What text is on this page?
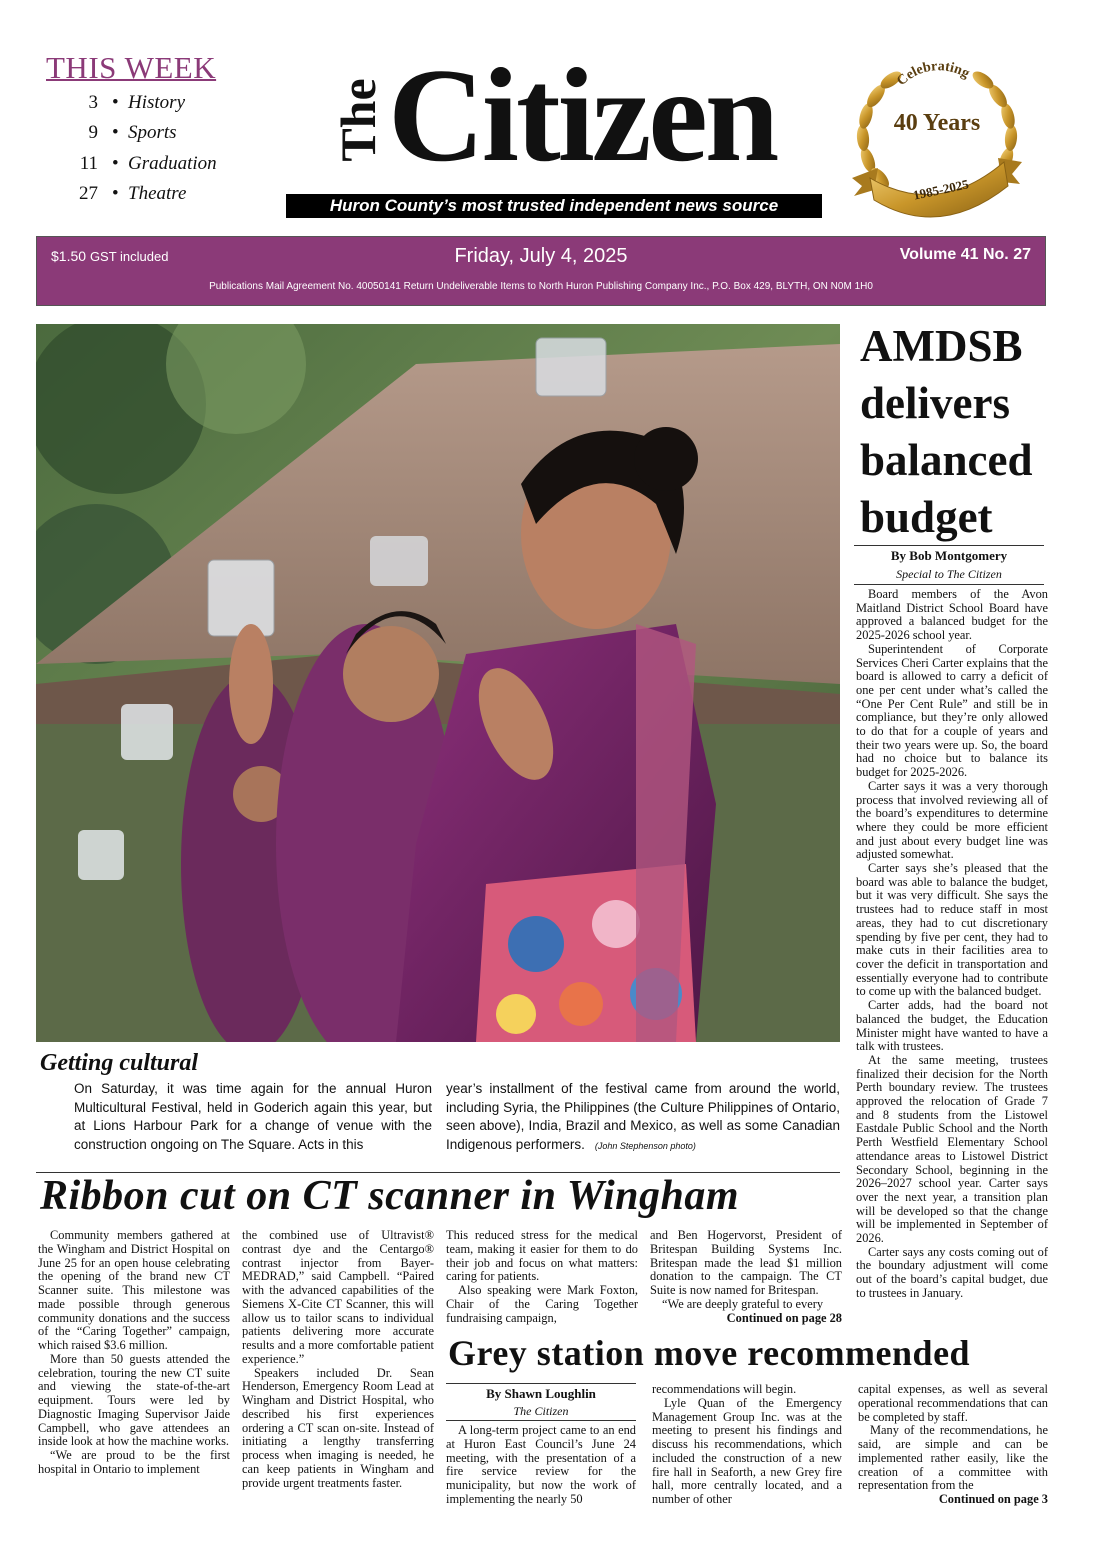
THIS WEEK
3 History
•
9 Sports
•
11 Graduation
•
27 Theatre
•
The Citizen
Huron County’s most trusted independent news source
Celebrating
40 Years
1985-2025
$1.50 GST included	Friday, July 4, 2025	Volume 41 No. 27
Publications Mail Agreement No. 40050141 Return Undeliverable Items to North Huron Publishing Company Inc., P.O. Box 429, BLYTH, ON N0M 1H0
Getting cultural
On Saturday, it was time again for the annual Huron Multicultural Festival, held in Goderich again this year, but at Lions Harbour Park for a change of venue with the construction ongoing on The Square. Acts in this
year’s installment of the festival came from around the world, including Syria, the Philippines (the Culture Philippines of Ontario, seen above), India, Brazil and Mexico, as well as some Canadian Indigenous performers. (John Stephenson photo)
AMDSB delivers balanced budget
By Bob Montgomery
Special to The Citizen

Board members of the Avon Maitland District School Board have approved a balanced budget for the 2025-2026 school year.

Superintendent of Corporate Services Cheri Carter explains that the board is allowed to carry a deficit of one per cent under what’s called the “One Per Cent Rule” and still be in compliance, but they’re only allowed to do that for a couple of years and their two years were up. So, the board had no choice but to balance its budget for 2025-2026.

Carter says it was a very thorough process that involved reviewing all of the board’s expenditures to determine where they could be more efficient and just about every budget line was adjusted somewhat.

Carter says she’s pleased that the board was able to balance the budget, but it was very difficult. She says the trustees had to reduce staff in most areas, they had to cut discretionary spending by five per cent, they had to make cuts in their facilities area to cover the deficit in transportation and essentially everyone had to contribute to come up with the balanced budget.

Carter adds, had the board not balanced the budget, the Education Minister might have wanted to have a talk with trustees.

At the same meeting, trustees finalized their decision for the North Perth boundary review. The trustees approved the relocation of Grade 7 and 8 students from the Listowel Eastdale Public School and the North Perth Westfield Elementary School attendance areas to Listowel District Secondary School, beginning in the 2026–2027 school year. Carter says over the next year, a transition plan will be developed so that the change will be implemented in September of 2026.

Carter says any costs coming out of the boundary adjustment will come out of the board’s capital budget, due to trustees in January.

Ribbon cut on CT scanner in Wingham

Community members gathered at the Wingham and District Hospital on June 25 for an open house celebrating the opening of the brand new CT Scanner suite. This milestone was made possible through generous community donations and the success of the “Caring Together” campaign, which raised $3.6 million.

More than 50 guests attended the celebration, touring the new CT suite and viewing the state-of-the-art equipment. Tours were led by Diagnostic Imaging Supervisor Jaide Campbell, who gave attendees an inside look at how the machine works.

“We are proud to be the first hospital in Ontario to implement

the combined use of Ultravist® contrast dye and the Centargo® contrast injector from Bayer-MEDRAD,” said Campbell. “Paired with the advanced capabilities of the Siemens X-Cite CT Scanner, this will allow us to tailor scans to individual patients delivering more accurate results and a more comfortable patient experience.”

Speakers included Dr. Sean Henderson, Emergency Room Lead at Wingham and District Hospital, who described his first experiences ordering a CT scan on-site. Instead of initiating a lengthy transferring process when imaging is needed, he can keep patients in Wingham and provide urgent treatments faster.

This reduced stress for the medical team, making it easier for them to do their job and focus on what matters: caring for patients.

Also speaking were Mark Foxton, Chair of the Caring Together fundraising campaign,

and Ben Hogervorst, President of Britespan Building Systems Inc. Britespan made the lead $1 million donation to the campaign. The CT Suite is now named for Britespan.

“We are deeply grateful to every

Continued on page 28

Grey station move recommended
By Shawn Loughlin
The Citizen

A long-term project came to an end at Huron East Council’s June 24 meeting, with the presentation of a fire service review for the municipality, but now the work of implementing the nearly 50

recommendations will begin.

Lyle Quan of the Emergency Management Group Inc. was at the meeting to present his findings and discuss his recommendations, which included the construction of a new fire hall in Seaforth, a new Grey fire hall, more centrally located, and a number of other

capital expenses, as well as several operational recommendations that can be completed by staff.

Many of the recommendations, he said, are simple and can be implemented rather easily, like the creation of a committee with representation from the

Continued on page 3
